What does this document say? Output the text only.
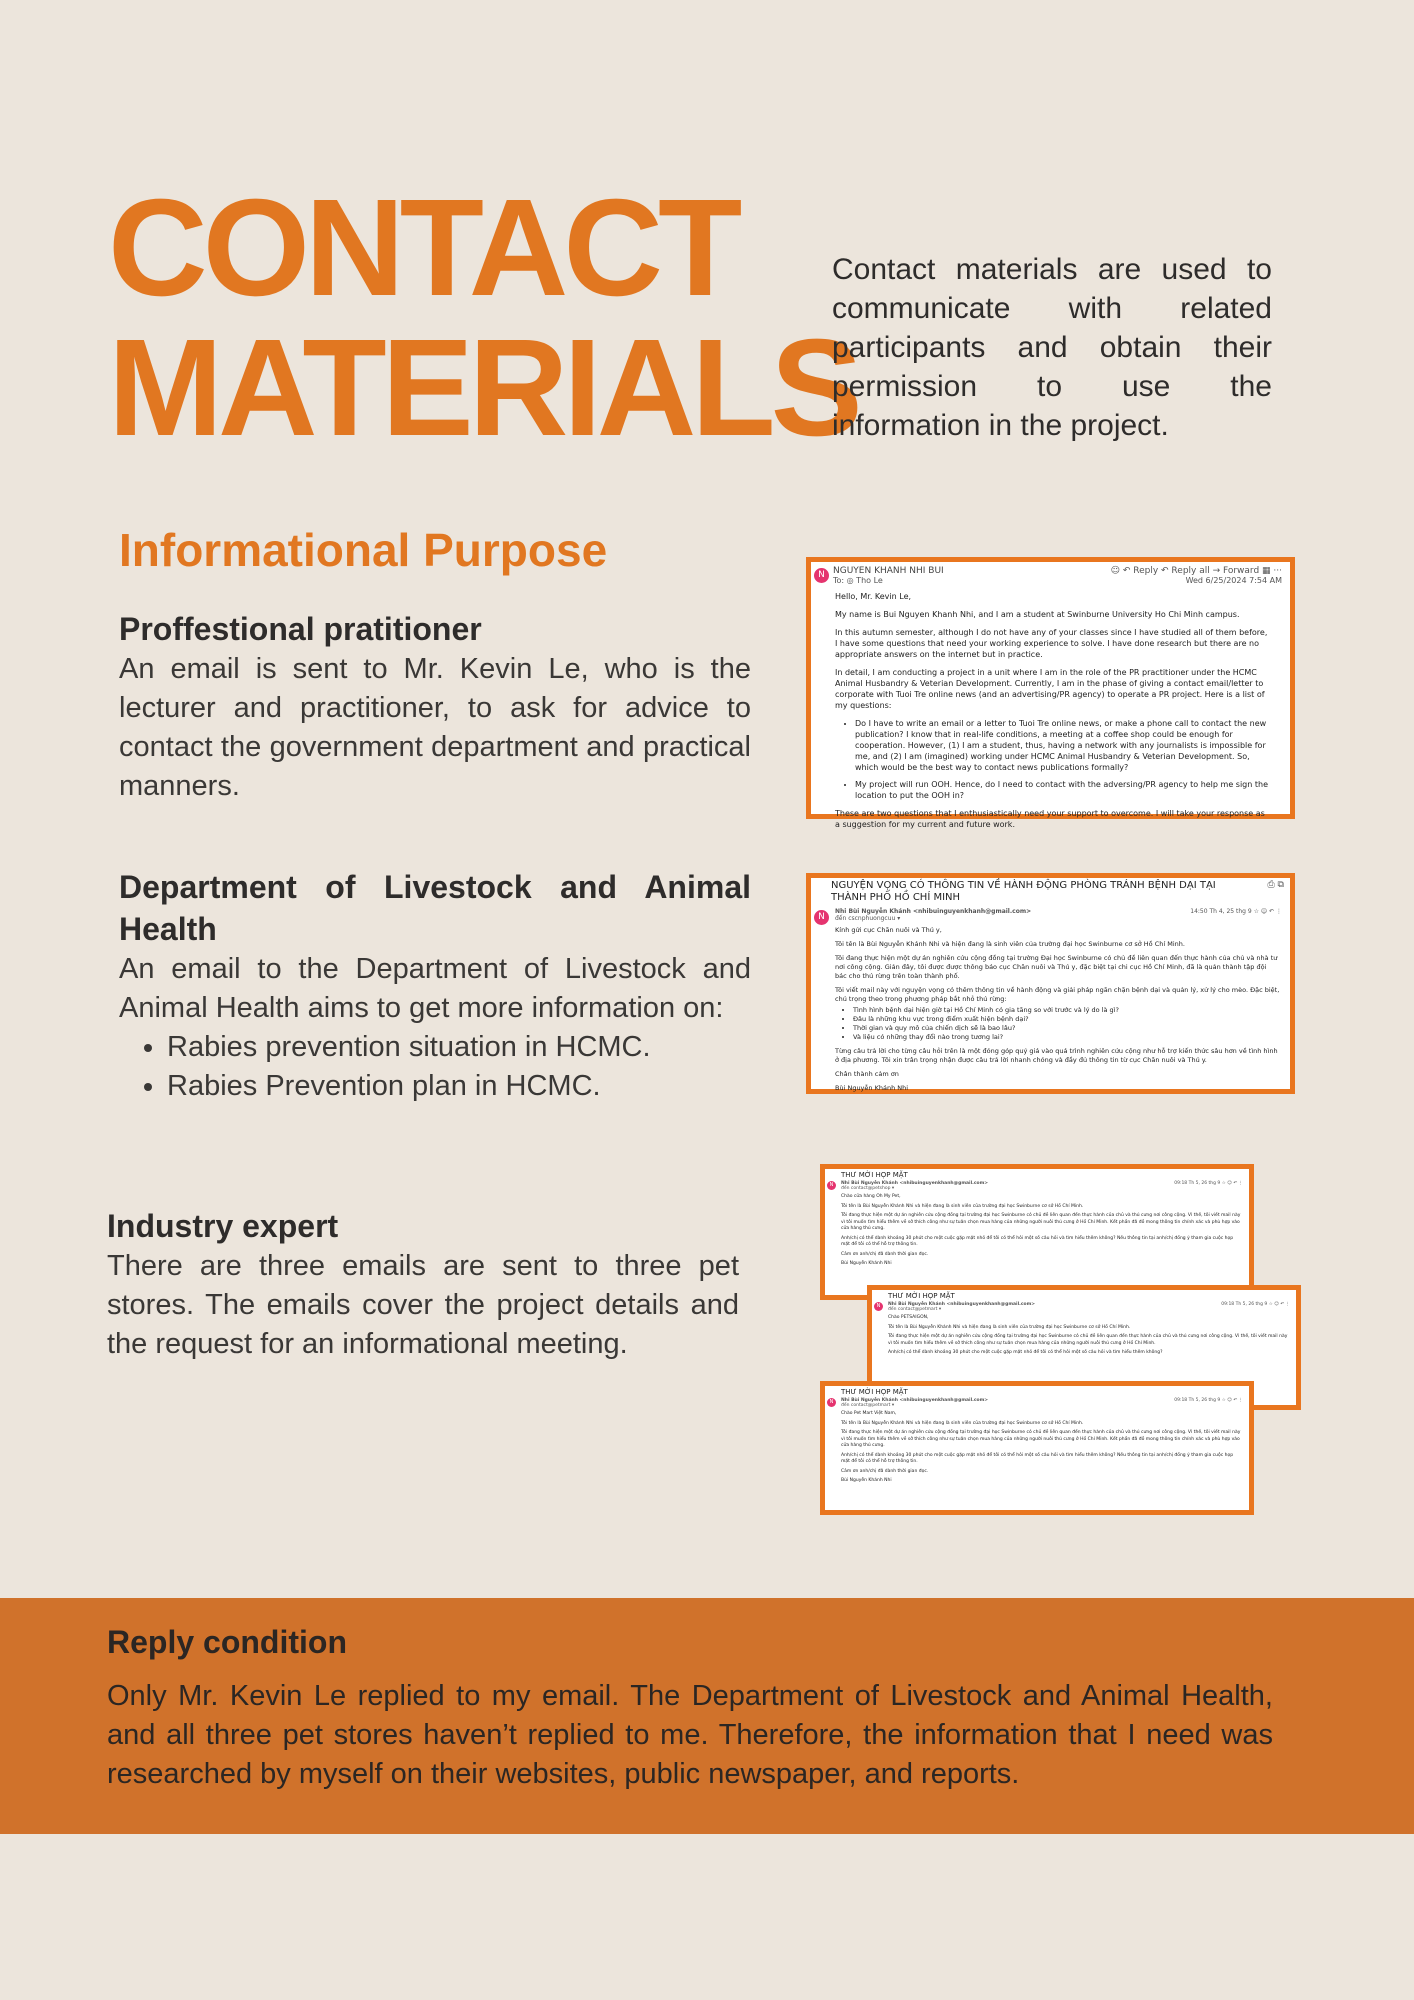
CONTACT
MATERIALS

Contact materials are used to communicate with related participants and obtain their permission to use the information in the project.

Informational Purpose
Proffestional pratitioner

An email is sent to Mr. Kevin Le, who is the lecturer and practitioner, to ask for advice to contact the government department and practical manners.

Department of Livestock and Animal Health

An email to the Department of Livestock and Animal Health aims to get more information on:

• Rabies prevention situation in HCMC.
• Rabies Prevention plan in HCMC.
Industry expert

There are three emails are sent to three pet stores. The emails cover the project details and the request for an informational meeting.

N NGUYEN KHANH NHI BUI	☺ ↶ Reply ↶ Reply all → Forward ▦ ···
To: ◎ Tho Le	Wed 6/25/2024 7:54 AM

Hello, Mr. Kevin Le,

My name is Bui Nguyen Khanh Nhi, and I am a student at Swinburne University Ho Chi Minh campus.

In this autumn semester, although I do not have any of your classes since I have studied all of them before, I have some questions that need your working experience to solve. I have done research but there are no appropriate answers on the internet but in practice.

In detail, I am conducting a project in a unit where I am in the role of the PR practitioner under the HCMC Animal Husbandry & Veterian Development. Currently, I am in the phase of giving a contact email/letter to corporate with Tuoi Tre online news (and an advertising/PR agency) to operate a PR project. Here is a list of my questions:

• Do I have to write an email or a letter to Tuoi Tre online news, or make a phone call to contact the new publication? I know that in real-life conditions, a meeting at a coffee shop could be enough for cooperation. However, (1) I am a student, thus, having a network with any journalists is impossible for me, and (2) I am (imagined) working under HCMC Animal Husbandry & Veterian Development. So, which would be the best way to contact news publications formally?
• My project will run OOH. Hence, do I need to contact with the adversing/PR agency to help me sign the location to put the OOH in?

These are two questions that I enthusiastically need your support to overcome. I will take your response as a suggestion for my current and future work.

NGUYỆN VỌNG CÓ THÔNG TIN VỀ HÀNH ĐỘNG PHÒNG TRÁNH BỆNH DẠI TẠI THÀNH PHỐ HỒ CHÍ MINH
⎙ ⧉
N
Nhi Bùi Nguyễn Khánh <nhibuinguyenkhanh@gmail.com>	14:50 Th 4, 25 thg 9 ☆ ☺ ↶ ⋮
đến cscnphuongcuu ▾

Kính gửi cục Chăn nuôi và Thú y,

Tôi tên là Bùi Nguyễn Khánh Nhi và hiện đang là sinh viên của trường đại học Swinburne cơ sở Hồ Chí Minh.

Tôi đang thực hiện một dự án nghiên cứu cộng đồng tại trường Đại học Swinburne có chủ đề liên quan đến thực hành của chủ và nhà tư nơi công cộng. Giản đây, tôi được được thông báo cục Chăn nuôi và Thú y, đặc biệt tại chi cục Hồ Chí Minh, đã là quản thành tập đội bác cho thú rừng trên toàn thành phố.

Tôi viết mail này với nguyện vọng có thêm thông tin về hành động và giải pháp ngăn chặn bệnh dại và quản lý, xử lý cho mèo. Đặc biệt, chú trọng theo trong phương pháp bắt nhỏ thú rừng:

• Tình hình bệnh dại hiện giờ tại Hồ Chí Minh có gia tăng so với trước và lý do là gì?
• Đâu là những khu vực trong điểm xuất hiện bệnh dại?
• Thời gian và quy mô của chiến dịch sẽ là bao lâu?
• Và liệu có những thay đổi nào trong tương lai?

Từng câu trả lời cho từng câu hỏi trên là một đóng góp quý giá vào quá trình nghiên cứu cộng như hỗ trợ kiến thức sâu hơn về tình hình ở địa phương. Tôi xin trân trọng nhận được câu trả lời nhanh chóng và đầy đủ thông tin từ cục Chăn nuôi và Thú y.

Chân thành cảm ơn

Bùi Nguyễn Khánh Nhi

THƯ MỜI HỌP MẶT
N	Nhi Bùi Nguyễn Khánh <nhibuinguyenkhanh@gmail.com>	09:18 Th 5, 26 thg 9 ☆ ☺ ↶ ⋮
đến contact@petshop ▾

Chào cửa hàng Oh My Pet,

Tôi tên là Bùi Nguyễn Khánh Nhi và hiện đang là sinh viên của trường đại học Swinburne cơ sở Hồ Chí Minh.

Tôi đang thực hiện một dự án nghiên cứu cộng đồng tại trường đại học Swinburne có chủ đề liên quan đến thực hành của chủ và thú cưng nơi công cộng. Vì thế, tôi viết mail này vì tôi muốn tìm hiểu thêm về sở thích công như sự tuân chọn mua hàng của những người nuôi thú cưng ở Hồ Chí Minh. Kết phần đã đồ mong thông tin chính xác và phù hợp vào cửa hàng thú cưng.

Anh/chị có thể dành khoảng 30 phút cho một cuộc gặp mặt nhỏ để tôi có thể hỏi một số câu hỏi và tìm hiểu thêm không? Nếu thông tin tại anh/chị đồng ý tham gia cuộc họp mặt để tôi có thể hỗ trợ thông tin.

Cảm ơn anh/chị đã dành thời gian đọc.

Bùi Nguyễn Khánh Nhi

THƯ MỜI HỌP MẶT
N	Nhi Bùi Nguyễn Khánh <nhibuinguyenkhanh@gmail.com>	09:18 Th 5, 26 thg 9 ☆ ☺ ↶ ⋮
đến contact@petmart ▾

Chào PETSAIGON,

Tôi tên là Bùi Nguyễn Khánh Nhi và hiện đang là sinh viên của trường đại học Swinburne cơ sở Hồ Chí Minh.

Tôi đang thực hiện một dự án nghiên cứu cộng đồng tại trường đại học Swinburne có chủ đề liên quan đến thực hành của chủ và thú cưng nơi công cộng. Vì thế, tôi viết mail này vì tôi muốn tìm hiểu thêm về sở thích công như sự tuân chọn mua hàng của những người nuôi thú cưng ở Hồ Chí Minh.

Anh/chị có thể dành khoảng 30 phút cho một cuộc gặp mặt nhỏ để tôi có thể hỏi một số câu hỏi và tìm hiểu thêm không?

THƯ MỜI HỌP MẶT
N	Nhi Bùi Nguyễn Khánh <nhibuinguyenkhanh@gmail.com>	09:18 Th 5, 26 thg 9 ☆ ☺ ↶ ⋮
đến contact@petmart ▾

Chào Pet Mart Việt Nam,

Tôi tên là Bùi Nguyễn Khánh Nhi và hiện đang là sinh viên của trường đại học Swinburne cơ sở Hồ Chí Minh.

Tôi đang thực hiện một dự án nghiên cứu cộng đồng tại trường đại học Swinburne có chủ đề liên quan đến thực hành của chủ và thú cưng nơi công cộng. Vì thế, tôi viết mail này vì tôi muốn tìm hiểu thêm về sở thích công như sự tuân chọn mua hàng của những người nuôi thú cưng ở Hồ Chí Minh. Kết phần đã đồ mong thông tin chính xác và phù hợp vào cửa hàng thú cưng.

Anh/chị có thể dành khoảng 30 phút cho một cuộc gặp mặt nhỏ để tôi có thể hỏi một số câu hỏi và tìm hiểu thêm không? Nếu thông tin tại anh/chị đồng ý tham gia cuộc họp mặt để tôi có thể hỗ trợ thông tin.

Cảm ơn anh/chị đã dành thời gian đọc.

Bùi Nguyễn Khánh Nhi

Reply condition

Only Mr. Kevin Le replied to my email. The Department of Livestock and Animal Health, and all three pet stores haven’t replied to me. Therefore, the information that I need was researched by myself on their websites, public newspaper, and reports.
